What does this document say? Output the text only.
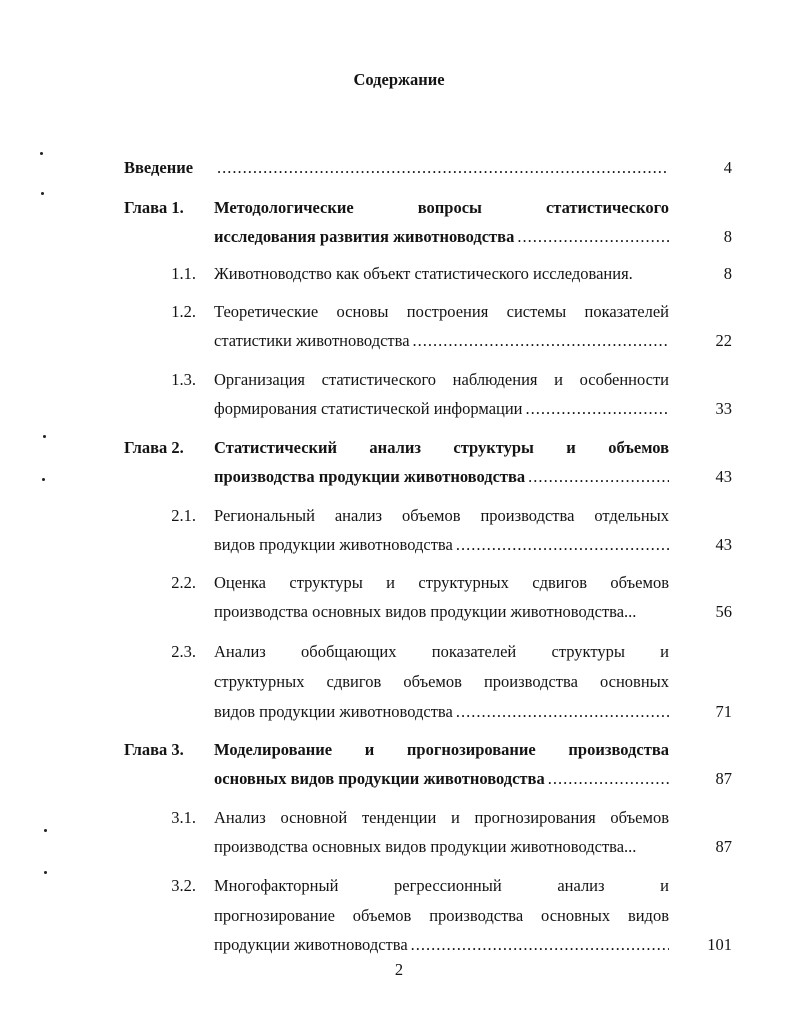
Содержание
Введение .....	4
Глава 1. Методологические вопросы статистического
исследования развития животноводства .....	8
1.1. Животноводство как объект статистического исследования.	8
1.2. Теоретические основы построения системы показателей
статистики животноводства .....	22
1.3. Организация статистического наблюдения и особенности
формирования статистической информации .....	33
Глава 2. Статистический анализ структуры и объемов
производства продукции животноводства .....	43
2.1. Региональный анализ объемов производства отдельных
видов продукции животноводства .....	43
2.2. Оценка структуры и структурных сдвигов объемов
производства основных видов продукции животноводства...	56
2.3. Анализ обобщающих показателей структуры и
структурных сдвигов объемов производства основных
видов продукции животноводства .....	71
Глава 3. Моделирование и прогнозирование производства
основных видов продукции животноводства .....	87
3.1. Анализ основной тенденции и прогнозирования объемов
производства основных видов продукции животноводства...	87
3.2. Многофакторный регрессионный анализ и
прогнозирование объемов производства основных видов
продукции животноводства .....	101
2
